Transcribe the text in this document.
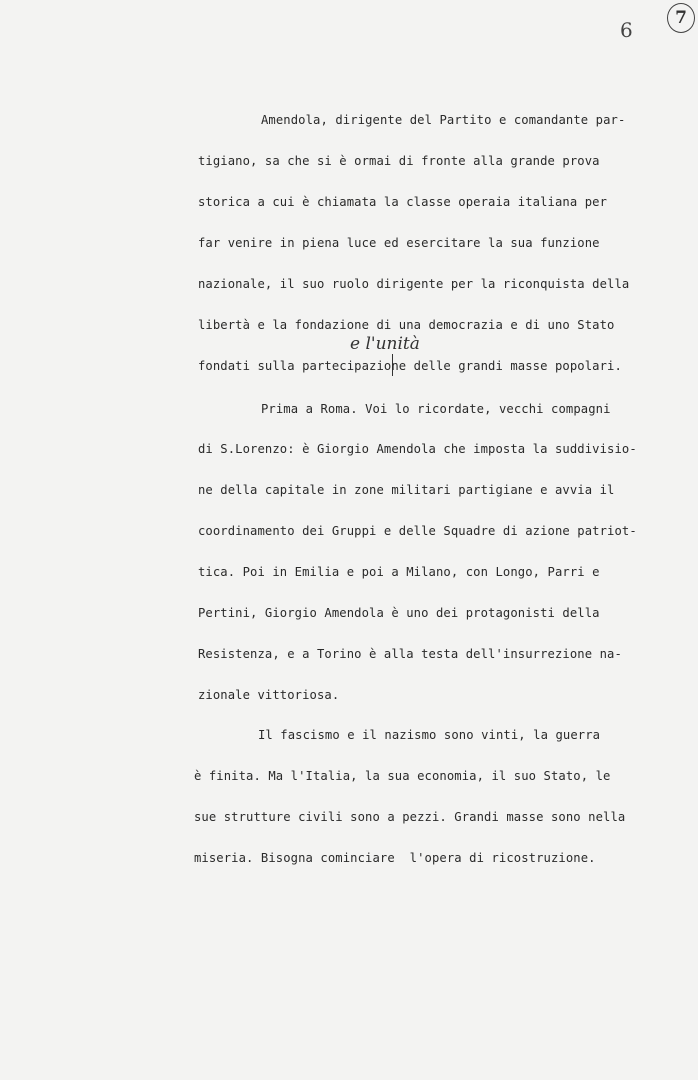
6	7
Amendola, dirigente del Partito e comandante par-
tigiano, sa che si è ormai di fronte alla grande prova
storica a cui è chiamata la classe operaia italiana per
far venire in piena luce ed esercitare la sua funzione
nazionale, il suo ruolo dirigente per la riconquista della
libertà e la fondazione di una democrazia e di uno Stato
e l'unità
fondati sulla partecipazione delle grandi masse popolari.
Prima a Roma. Voi lo ricordate, vecchi compagni
di S.Lorenzo: è Giorgio Amendola che imposta la suddivisio-
ne della capitale in zone militari partigiane e avvia il
coordinamento dei Gruppi e delle Squadre di azione patriot-
tica. Poi in Emilia e poi a Milano, con Longo, Parri e
Pertini, Giorgio Amendola è uno dei protagonisti della
Resistenza, e a Torino è alla testa dell'insurrezione na-
zionale vittoriosa.
Il fascismo e il nazismo sono vinti, la guerra
è finita. Ma l'Italia, la sua economia, il suo Stato, le
sue strutture civili sono a pezzi. Grandi masse sono nella
miseria. Bisogna cominciare  l'opera di ricostruzione.
